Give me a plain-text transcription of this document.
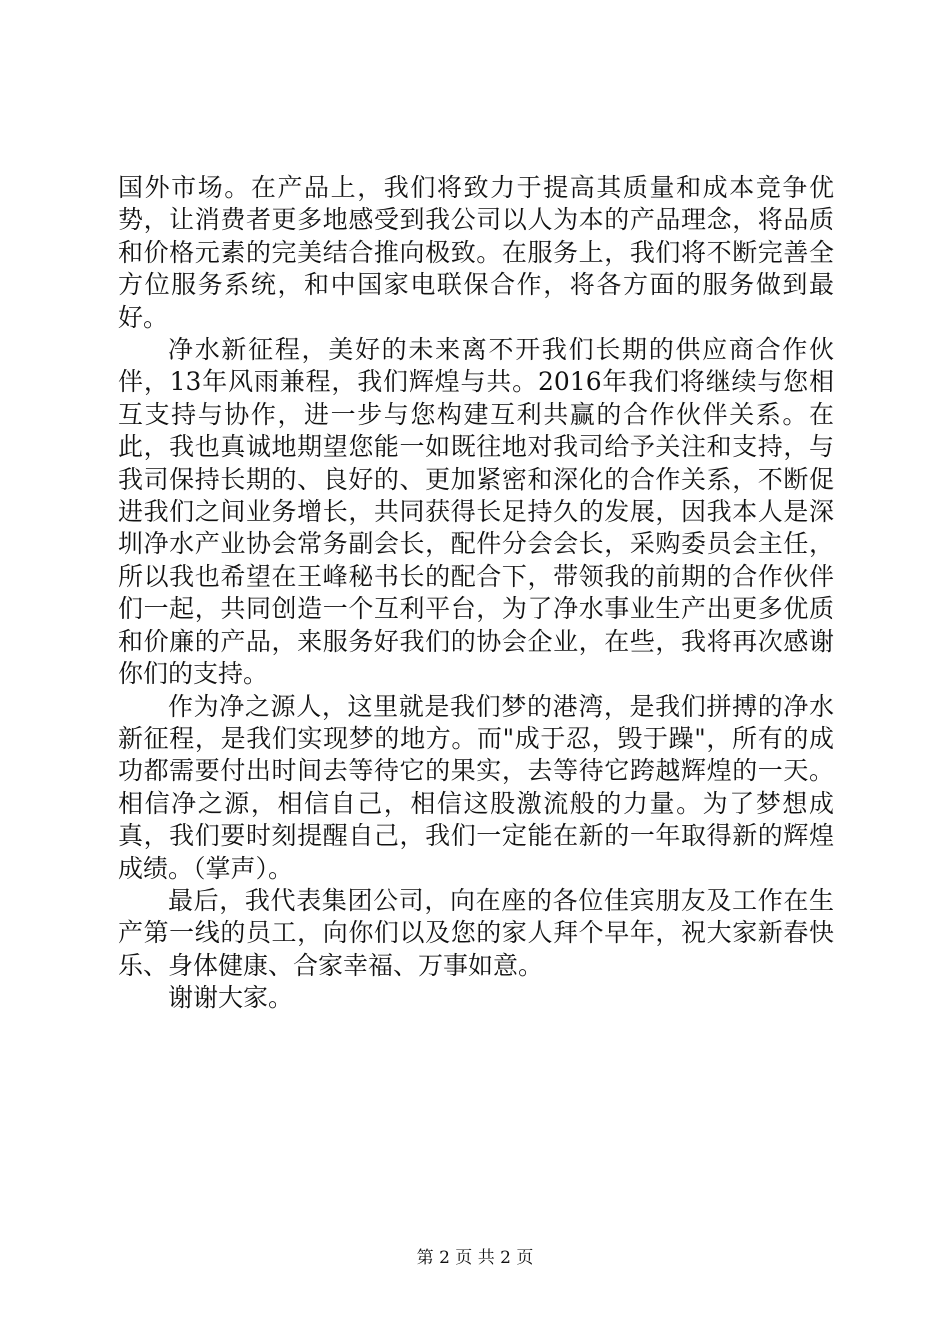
国外市场。在产品上，我们将致力于提高其质量和成本竞争优势，让消费者更多地感受到我公司以人为本的产品理念，将品质和价格元素的完美结合推向极致。在服务上，我们将不断完善全方位服务系统，和中国家电联保合作，将各方面的服务做到最好。

净水新征程，美好的未来离不开我们长期的供应商合作伙伴，13年风雨兼程，我们辉煌与共。2016年我们将继续与您相互支持与协作，进一步与您构建互利共赢的合作伙伴关系。在此，我也真诚地期望您能一如既往地对我司给予关注和支持，与我司保持长期的、良好的、更加紧密和深化的合作关系，不断促进我们之间业务增长，共同获得长足持久的发展，因我本人是深圳净水产业协会常务副会长，配件分会会长，采购委员会主任，所以我也希望在王峰秘书长的配合下，带领我的前期的合作伙伴们一起，共同创造一个互利平台，为了净水事业生产出更多优质和价廉的产品，来服务好我们的协会企业，在些，我将再次感谢你们的支持。

作为净之源人，这里就是我们梦的港湾，是我们拼搏的净水新征程，是我们实现梦的地方。而"成于忍，毁于躁"，所有的成功都需要付出时间去等待它的果实，去等待它跨越辉煌的一天。相信净之源，相信自己，相信这股激流般的力量。为了梦想成真，我们要时刻提醒自己，我们一定能在新的一年取得新的辉煌成绩。（掌声）。

最后，我代表集团公司，向在座的各位佳宾朋友及工作在生产第一线的员工，向你们以及您的家人拜个早年，祝大家新春快乐、身体健康、合家幸福、万事如意。

谢谢大家。

第 2 页 共 2 页
